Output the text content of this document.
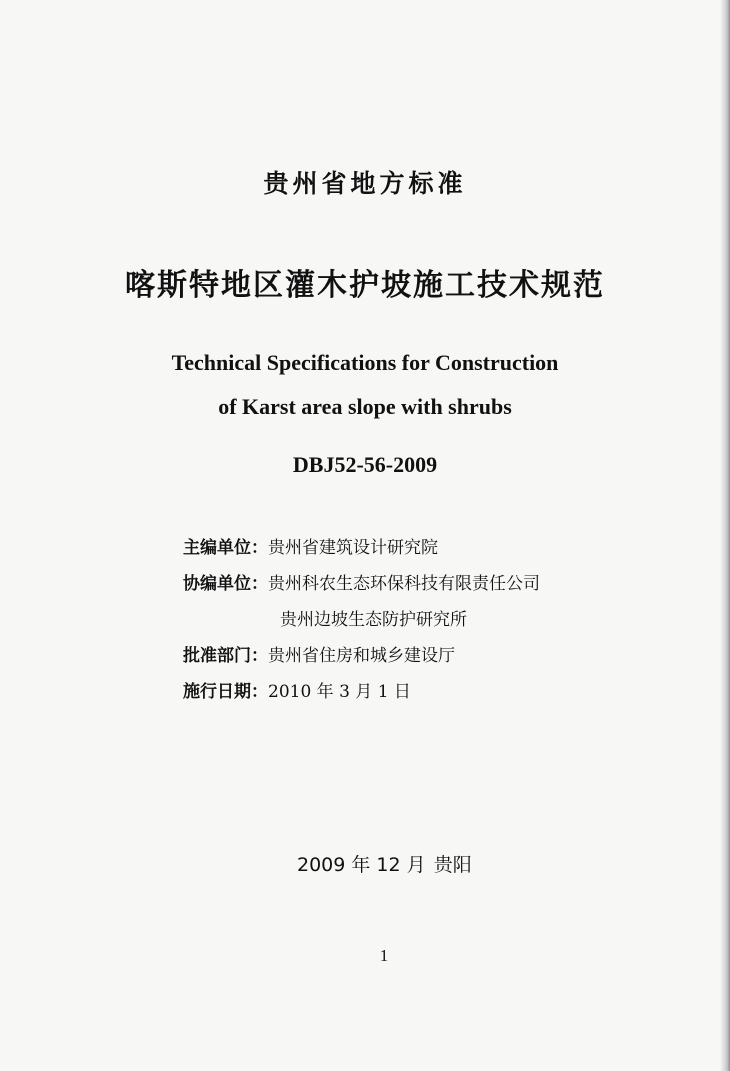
贵州省地方标准
喀斯特地区灌木护坡施工技术规范
Technical Specifications for Construction
of Karst area slope with shrubs
DBJ52-56-2009
主编单位：贵州省建筑设计研究院
协编单位：贵州科农生态环保科技有限责任公司
贵州边坡生态防护研究所
批准部门：贵州省住房和城乡建设厅
施行日期：2010 年 3 月 1 日
2009 年 12 月 贵阳
1
